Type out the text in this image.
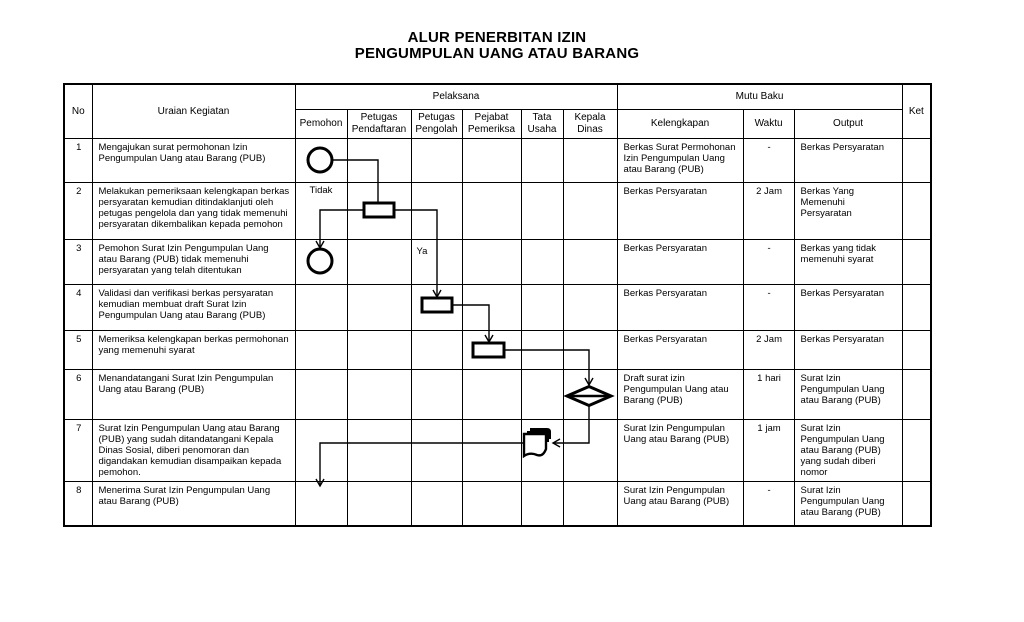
ALUR PENERBITAN IZIN
PENGUMPULAN UANG ATAU BARANG
No	Uraian Kegiatan	Pelaksana						Mutu Baku			Ket
		Pemohon	Petugas Pendaftaran	Petugas Pengolah	Pejabat Pemeriksa	Tata Usaha	Kepala Dinas	Kelengkapan	Waktu	Output	
1	Mengajukan surat permohonan Izin Pengumpulan Uang atau Barang (PUB)							Berkas Surat Permohonan Izin Pengumpulan Uang atau Barang (PUB)	-	Berkas Persyaratan	
2	Melakukan pemeriksaan kelengkapan berkas persyaratan kemudian ditindaklanjuti oleh petugas pengelola dan yang tidak memenuhi persyaratan dikembalikan kepada pemohon							Berkas Persyaratan	2 Jam	Berkas Yang Memenuhi Persyaratan	
3	Pemohon Surat Izin Pengumpulan Uang atau Barang (PUB) tidak memenuhi persyaratan yang telah ditentukan							Berkas Persyaratan	-	Berkas yang tidak memenuhi syarat	
4	Validasi dan verifikasi berkas persyaratan kemudian membuat draft Surat Izin Pengumpulan Uang atau Barang (PUB)							Berkas Persyaratan	-	Berkas Persyaratan	
5	Memeriksa kelengkapan berkas permohonan yang memenuhi syarat							Berkas Persyaratan	2 Jam	Berkas Persyaratan	
6	Menandatangani Surat Izin Pengumpulan Uang atau Barang (PUB)							Draft surat izin Pengumpulan Uang atau Barang (PUB)	1 hari	Surat Izin Pengumpulan Uang atau Barang (PUB)	
7	Surat Izin Pengumpulan Uang atau Barang (PUB) yang sudah ditandatangani Kepala Dinas Sosial, diberi penomoran dan digandakan kemudian disampaikan kepada pemohon.							Surat Izin Pengumpulan Uang atau Barang (PUB)	1 jam	Surat Izin Pengumpulan Uang atau Barang (PUB) yang sudah diberi nomor	
8	Menerima Surat Izin Pengumpulan Uang atau Barang (PUB)							Surat Izin Pengumpulan Uang atau Barang (PUB)	-	Surat Izin Pengumpulan Uang atau Barang (PUB)	
Tidak
Ya
